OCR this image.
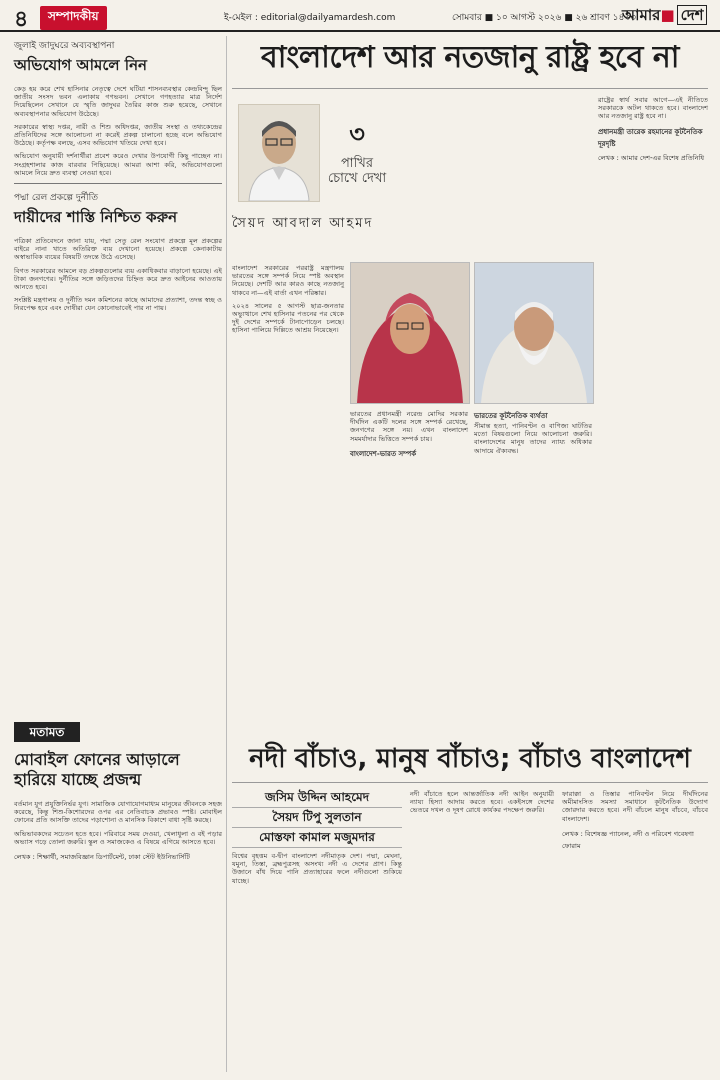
৪	সম্পাদকীয়	ই-মেইল : editorial@dailyamardesh.com	সোমবার ■ ১০ আগস্ট ২০২৬ ■ ২৬ শ্রাবণ ১৪৩৩
আমার■ দেশ

জুলাই জাদুঘরে অব্যবস্থাপনা

অভিযোগ আমলে নিন

কেড় হয় করে শেখ হাসিনার নেতৃত্বে দেশে ঘটিয়া শাসনব্যবস্থার কেন্দ্রবিন্দু ছিল জাতীয় সংসদ ভবন এলাকায় গণভবন। সেখানে গণহত্যার মাত্র নির্দেশ দিয়েছিলেন সেখানে যে স্মৃতি জাদুঘর তৈরির কাজ শুরু হয়েছে, সেখানে অব্যবস্থাপনার অভিযোগ উঠেছে।

সরকারের স্বাস্থ্য দপ্তর, নারী ও শিশু অধিদপ্তর, জাতীয় সংস্থা ও তথ্যকেন্দ্রের প্রতিনিধিদের সঙ্গে আলোচনা না করেই প্রকল্প চালানো হচ্ছে বলে অভিযোগ উঠেছে। কর্তৃপক্ষ বলছে, এসব অভিযোগ খতিয়ে দেখা হবে।

অভিযোগ অনুযায়ী দর্শনার্থীরা প্রবেশ করেও দেখার উপযোগী কিছু পাচ্ছেন না। সংগ্রহশালার কাজ বারবার পিছিয়েছে। আমরা আশা করি, অভিযোগগুলো আমলে নিয়ে দ্রুত ব্যবস্থা নেওয়া হবে।

পদ্মা রেল প্রকল্পে দুর্নীতি

দায়ীদের শাস্তি নিশ্চিত করুন

পত্রিকা প্রতিবেদনে জানা যায়, পদ্মা সেতু রেল সংযোগ প্রকল্পে মূল প্রকল্পের বাইরে নানা খাতে অতিরিক্ত ব্যয় দেখানো হয়েছে। প্রকল্পে কেনাকাটায় অস্বাভাবিক ব্যয়ের বিষয়টি তদন্তে উঠে এসেছে।

বিগত সরকারের আমলে বড় প্রকল্পগুলোর ব্যয় একাধিকবার বাড়ানো হয়েছে। এই টাকা জনগণের। দুর্নীতির সঙ্গে জড়িতদের চিহ্নিত করে দ্রুত আইনের আওতায় আনতে হবে।

সংশ্লিষ্ট মন্ত্রণালয় ও দুর্নীতি দমন কমিশনের কাছে আমাদের প্রত্যাশা, তদন্ত স্বচ্ছ ও নিরপেক্ষ হবে এবং দোষীরা যেন কোনোভাবেই পার না পায়।

মতামত
মোবাইল ফোনের আড়ালে হারিয়ে যাচ্ছে প্রজন্ম

বর্তমান যুগ প্রযুক্তিনির্ভর যুগ। সামাজিক যোগাযোগমাধ্যম মানুষের জীবনকে সহজ করেছে, কিন্তু শিশু-কিশোরদের ওপর এর নেতিবাচক প্রভাবও স্পষ্ট। মোবাইল ফোনের প্রতি আসক্তি তাদের পড়াশোনা ও মানসিক বিকাশে বাধা সৃষ্টি করছে।

অভিভাবকদের সচেতন হতে হবে। পরিবারে সময় দেওয়া, খেলাধুলা ও বই পড়ার অভ্যাস গড়ে তোলা জরুরি। স্কুল ও সমাজকেও এ বিষয়ে এগিয়ে আসতে হবে।

লেখক : শিক্ষার্থী, সমাজবিজ্ঞান ডিপার্টমেন্ট, ঢাকা স্টেট ইউনিভার্সিটি
বাংলাদেশ আর নতজানু রাষ্ট্র হবে না
৩
পাখির চোখে দেখা
সৈয়দ আবদাল আহমদ

বাংলাদেশ সরকারের পররাষ্ট্র মন্ত্রণালয় ভারতের সঙ্গে সম্পর্ক নিয়ে স্পষ্ট অবস্থান নিয়েছে। দেশটি আর কারও কাছে নতজানু থাকবে না—এই বার্তা এখন পরিষ্কার।

২০২৪ সালের ৫ আগস্ট ছাত্র-জনতার অভ্যুত্থানে শেখ হাসিনার পতনের পর থেকে দুই দেশের সম্পর্কে টানাপোড়েন চলছে। হাসিনা পালিয়ে দিল্লিতে আশ্রয় নিয়েছেন।

ভারতের প্রধানমন্ত্রী নরেন্দ্র মোদির সরকার দীর্ঘদিন একটি দলের সঙ্গে সম্পর্ক রেখেছে, জনগণের সঙ্গে নয়। এখন বাংলাদেশ সমমর্যাদার ভিত্তিতে সম্পর্ক চায়।

বাংলাদেশ-ভারত সম্পর্ক

ভারতের কূটনৈতিক ব্যর্থতা

সীমান্ত হত্যা, পানিবণ্টন ও বাণিজ্য ঘাটতির মতো বিষয়গুলো নিয়ে আলোচনা জরুরি। বাংলাদেশের মানুষ তাদের ন্যায্য অধিকার আদায়ে ঐক্যবদ্ধ।

রাষ্ট্রের স্বার্থ সবার আগে—এই নীতিতে সরকারকে অটল থাকতে হবে। বাংলাদেশ আর নতজানু রাষ্ট্র হবে না।

প্রধানমন্ত্রী তারেক রহমানের কূটনৈতিক দূরদৃষ্টি

লেখক : আমার দেশ-এর বিশেষ প্রতিনিধি
নদী বাঁচাও, মানুষ বাঁচাও; বাঁচাও বাংলাদেশ
জসিম উদ্দিন আহমেদ
সৈয়দ টিপু সুলতান
মোস্তফা কামাল মজুমদার

বিশ্বের বৃহত্তম ব-দ্বীপ বাংলাদেশ নদীমাতৃক দেশ। পদ্মা, মেঘনা, যমুনা, তিস্তা, ব্রহ্মপুত্রসহ অসংখ্য নদী এ দেশের প্রাণ। কিন্তু উজানে বাঁধ দিয়ে পানি প্রত্যাহারের ফলে নদীগুলো শুকিয়ে যাচ্ছে।

নদী বাঁচাতে হলে আন্তর্জাতিক নদী আইন অনুযায়ী ন্যায্য হিস্যা আদায় করতে হবে। একইসঙ্গে দেশের ভেতরে দখল ও দূষণ রোধে কার্যকর পদক্ষেপ জরুরি।

ফারাক্কা ও তিস্তার পানিবণ্টন নিয়ে দীর্ঘদিনের অমীমাংসিত সমস্যা সমাধানে কূটনৈতিক উদ্যোগ জোরদার করতে হবে। নদী বাঁচলে মানুষ বাঁচবে, বাঁচবে বাংলাদেশ।

লেখক : বিশেষজ্ঞ প্যানেল, নদী ও পরিবেশ গবেষণা ফোরাম
